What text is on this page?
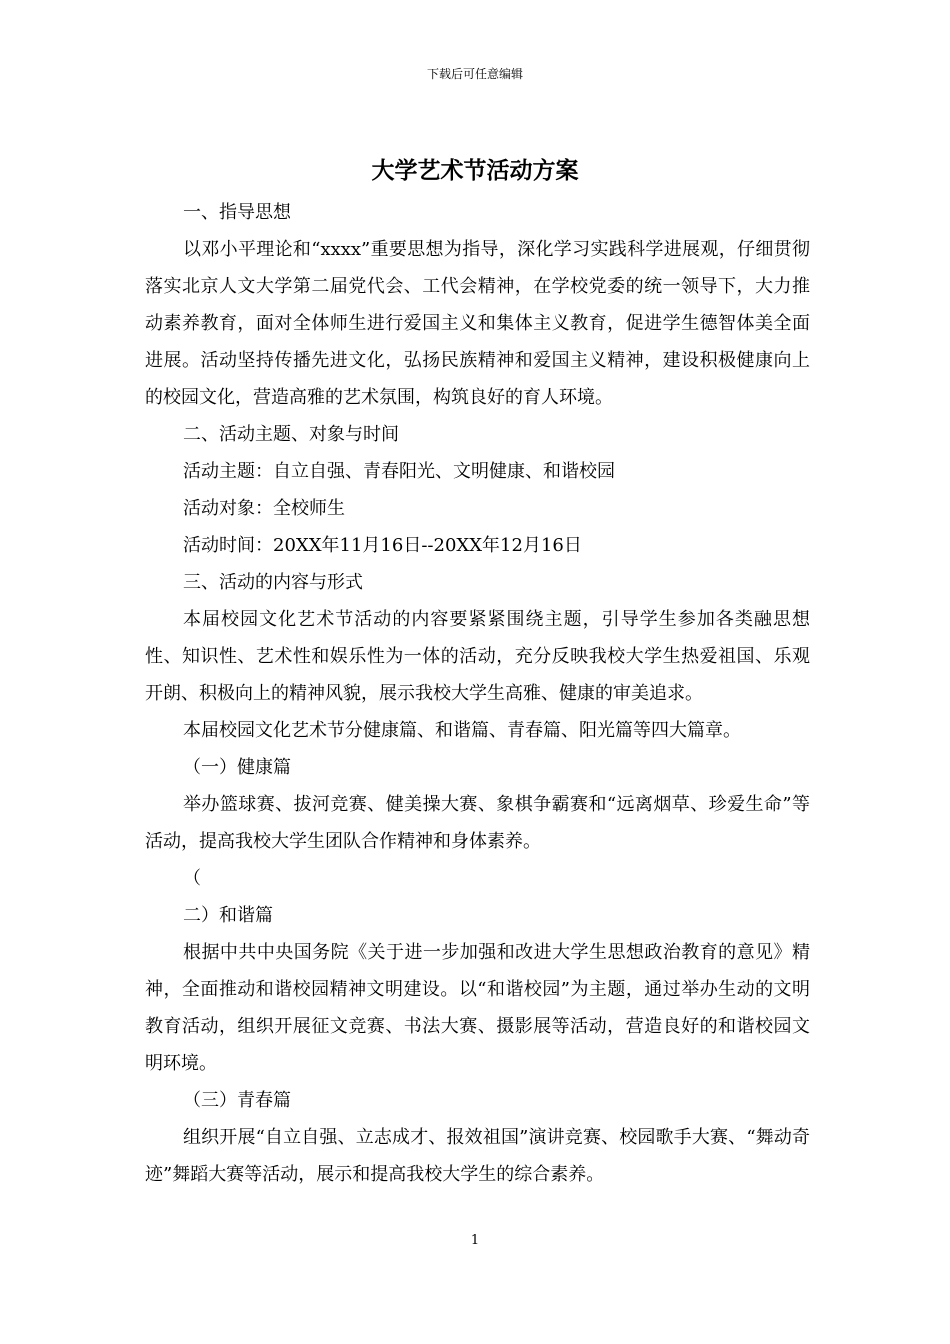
下载后可任意编辑
大学艺术节活动方案

一、指导思想

以邓小平理论和“xxxx”重要思想为指导，深化学习实践科学进展观，仔细贯彻落实北京人文大学第二届党代会、工代会精神，在学校党委的统一领导下，大力推动素养教育，面对全体师生进行爱国主义和集体主义教育，促进学生德智体美全面进展。活动坚持传播先进文化，弘扬民族精神和爱国主义精神，建设积极健康向上的校园文化，营造高雅的艺术氛围，构筑良好的育人环境。

二、活动主题、对象与时间

活动主题：自立自强、青春阳光、文明健康、和谐校园

活动对象：全校师生

活动时间：20XX年11月16日--20XX年12月16日

三、活动的内容与形式

本届校园文化艺术节活动的内容要紧紧围绕主题，引导学生参加各类融思想性、知识性、艺术性和娱乐性为一体的活动，充分反映我校大学生热爱祖国、乐观开朗、积极向上的精神风貌，展示我校大学生高雅、健康的审美追求。

本届校园文化艺术节分健康篇、和谐篇、青春篇、阳光篇等四大篇章。

（一）健康篇

举办篮球赛、拔河竞赛、健美操大赛、象棋争霸赛和“远离烟草、珍爱生命”等活动，提高我校大学生团队合作精神和身体素养。

（

二）和谐篇

根据中共中央国务院《关于进一步加强和改进大学生思想政治教育的意见》精神，全面推动和谐校园精神文明建设。以“和谐校园”为主题，通过举办生动的文明教育活动，组织开展征文竞赛、书法大赛、摄影展等活动，营造良好的和谐校园文明环境。

（三）青春篇

组织开展“自立自强、立志成才、报效祖国”演讲竞赛、校园歌手大赛、“舞动奇迹”舞蹈大赛等活动，展示和提高我校大学生的综合素养。

1
